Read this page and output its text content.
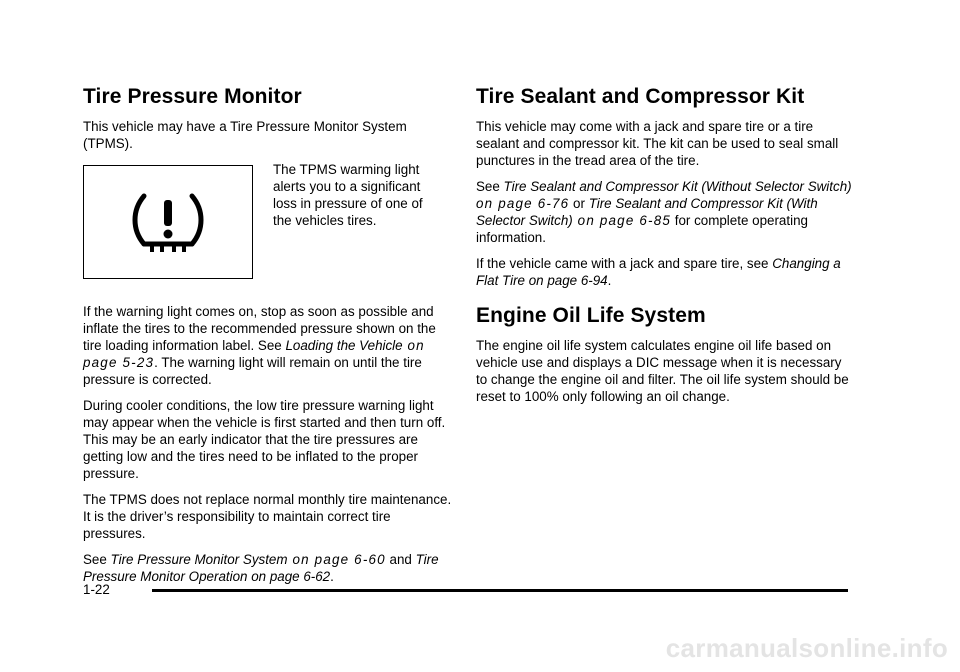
Tire Pressure Monitor

This vehicle may have a Tire Pressure Monitor System (TPMS).

The TPMS warming light alerts you to a significant loss in pressure of one of the vehicles tires.

If the warning light comes on, stop as soon as possible and inflate the tires to the recommended pressure shown on the tire loading information label. See Loading the Vehicle on page 5-23. The warning light will remain on until the tire pressure is corrected.

During cooler conditions, the low tire pressure warning light may appear when the vehicle is first started and then turn off. This may be an early indicator that the tire pressures are getting low and the tires need to be inflated to the proper pressure.

The TPMS does not replace normal monthly tire maintenance. It is the driver’s responsibility to maintain correct tire pressures.

See Tire Pressure Monitor System on page 6-60 and Tire Pressure Monitor Operation on page 6-62.

Tire Sealant and Compressor Kit

This vehicle may come with a jack and spare tire or a tire sealant and compressor kit. The kit can be used to seal small punctures in the tread area of the tire.

See Tire Sealant and Compressor Kit (Without Selector Switch) on page 6-76 or Tire Sealant and Compressor Kit (With Selector Switch) on page 6-85 for complete operating information.

If the vehicle came with a jack and spare tire, see Changing a Flat Tire on page 6-94.

Engine Oil Life System

The engine oil life system calculates engine oil life based on vehicle use and displays a DIC message when it is necessary to change the engine oil and filter. The oil life system should be reset to 100% only following an oil change.

1-22
carmanualsonline.info
